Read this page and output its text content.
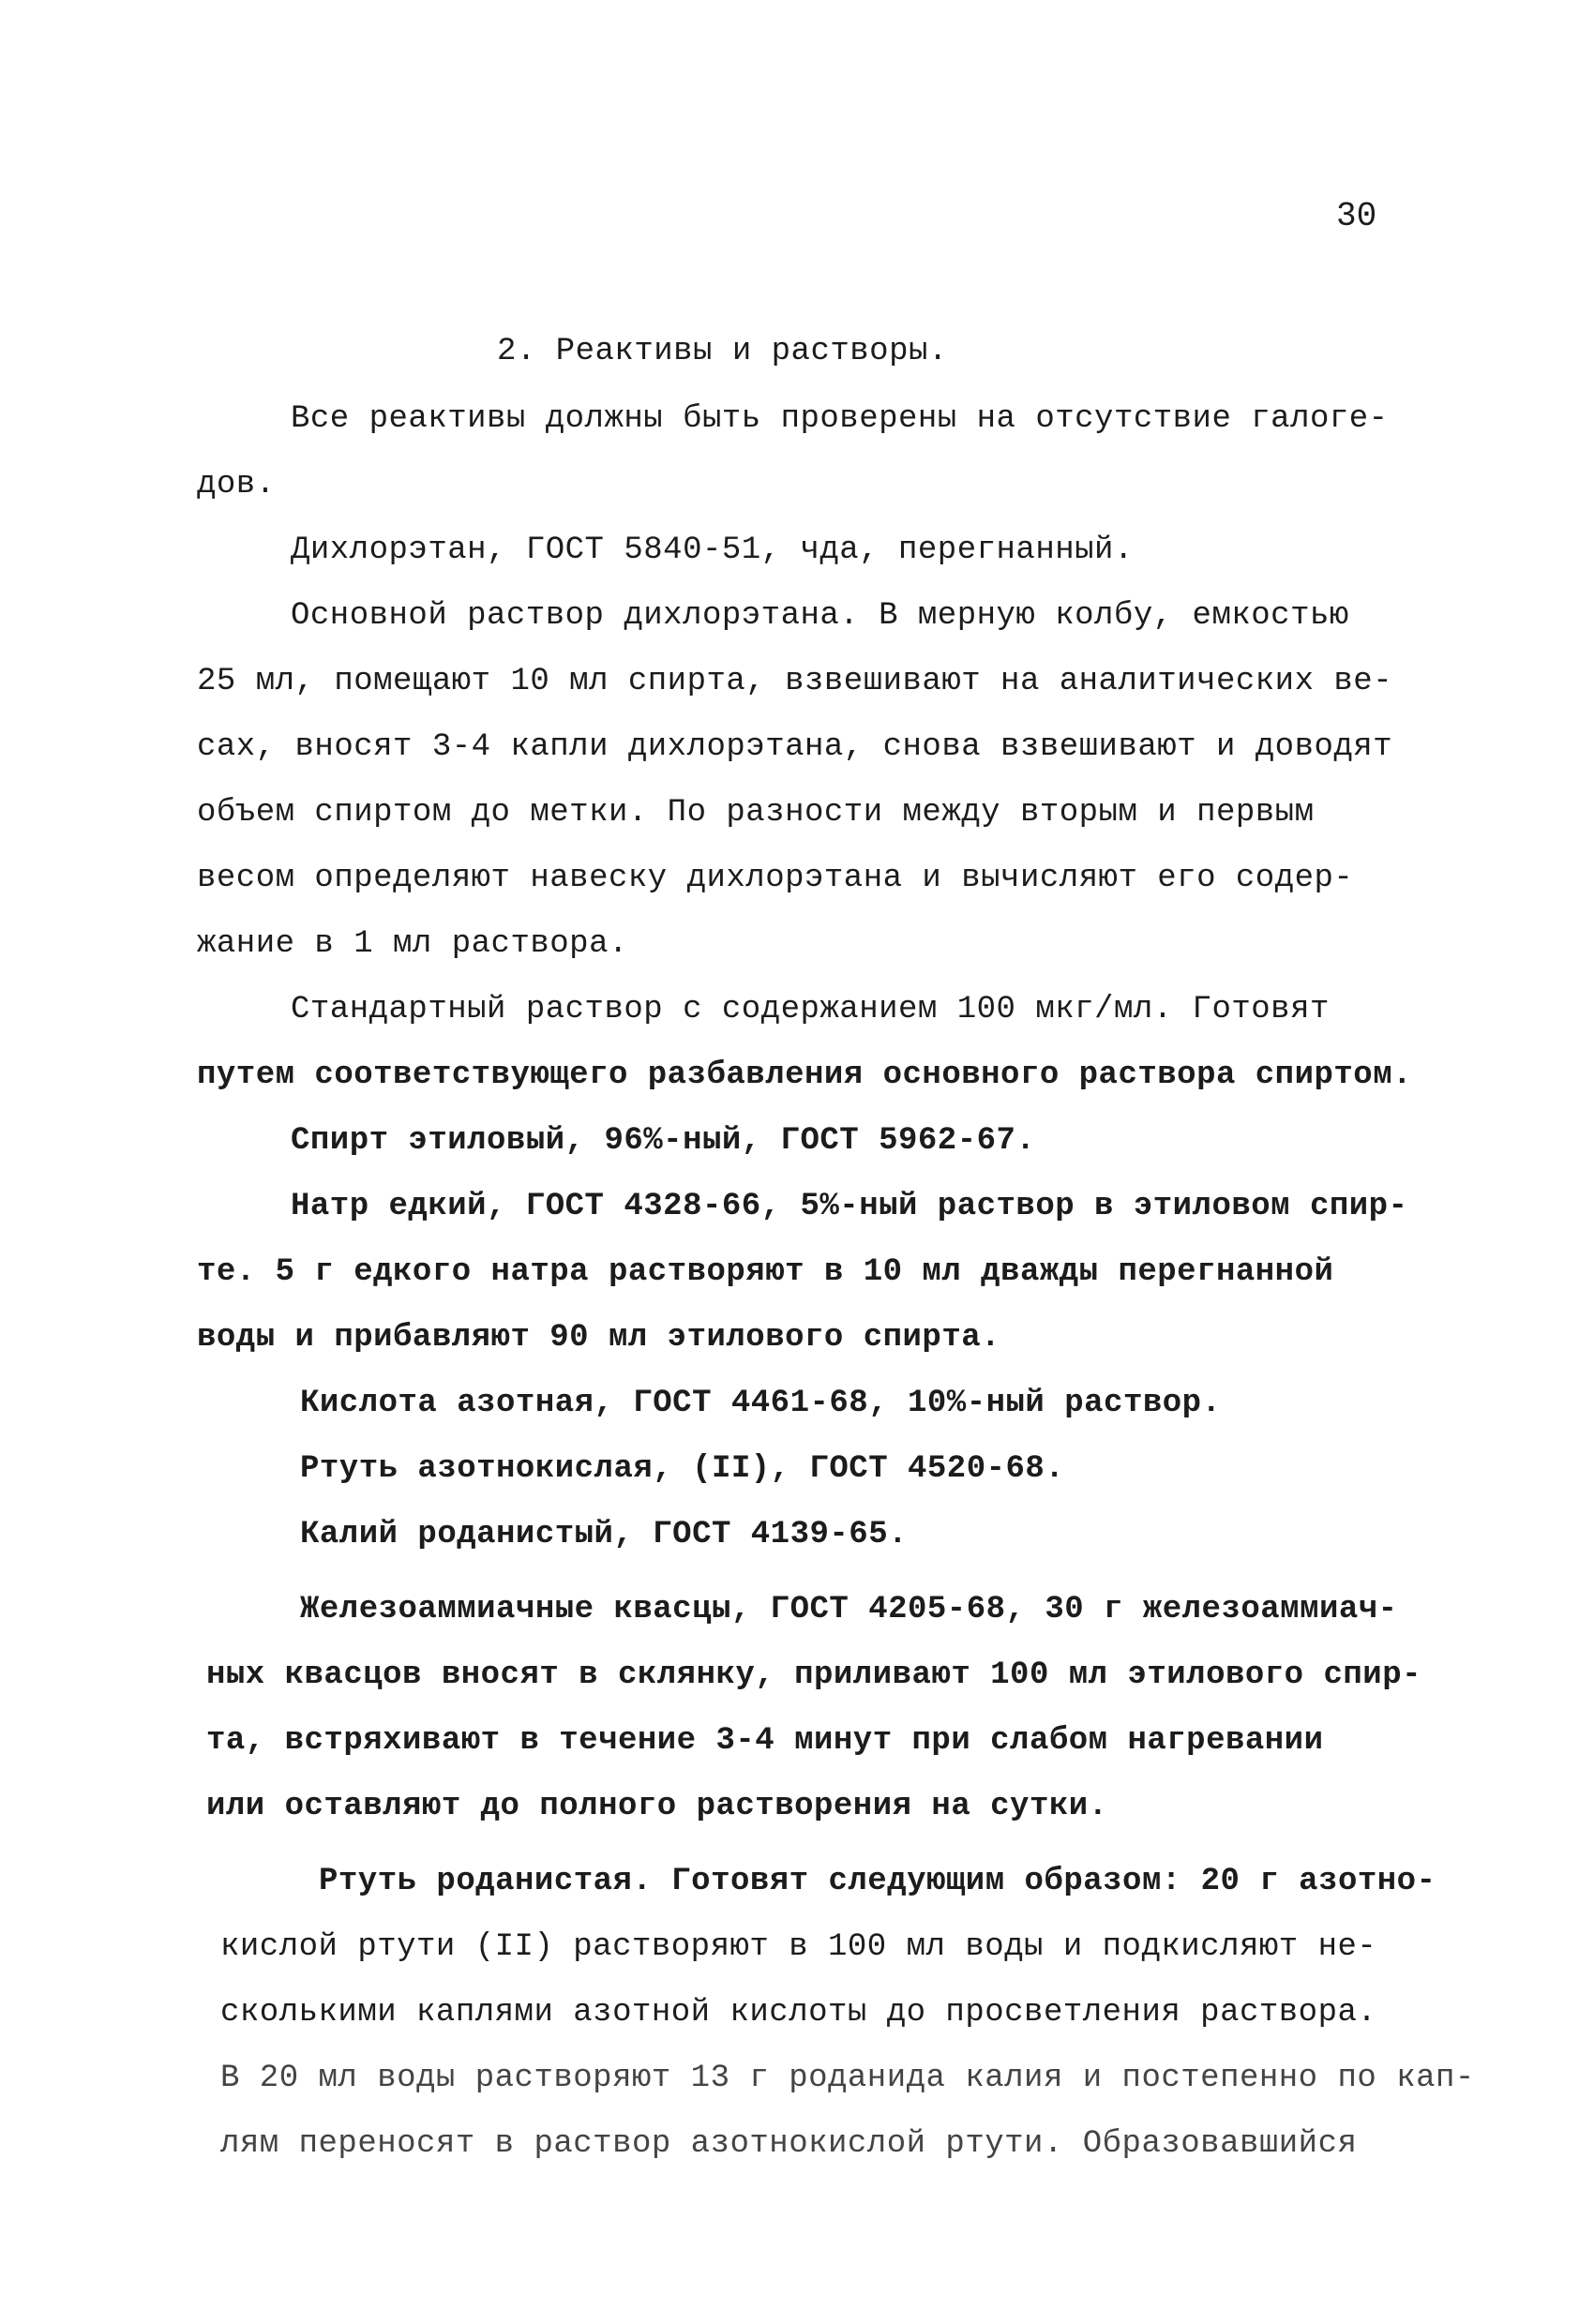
30
2. Реактивы и растворы.
Все реактивы должны быть проверены на отсутствие галоге-
дов.
Дихлорэтан, ГОСТ 5840-51, чда, перегнанный.
Основной раствор дихлорэтана. В мерную колбу, емкостью
25 мл, помещают 10 мл спирта, взвешивают на аналитических ве-
сах, вносят 3-4 капли дихлорэтана, снова взвешивают и доводят
объем спиртом до метки. По разности между вторым и первым
весом определяют навеску дихлорэтана и вычисляют его содер-
жание в 1 мл раствора.
Стандартный раствор с содержанием 100 мкг/мл. Готовят
путем соответствующего разбавления основного раствора спиртом.
Спирт этиловый, 96%-ный, ГОСТ 5962-67.
Натр едкий, ГОСТ 4328-66, 5%-ный раствор в этиловом спир-
те. 5 г едкого натра растворяют в 10 мл дважды перегнанной
воды и прибавляют 90 мл этилового спирта.
Кислота азотная, ГОСТ 4461-68, 10%-ный раствор.
Ртуть азотнокислая, (II), ГОСТ 4520-68.
Калий роданистый, ГОСТ 4139-65.
Железоаммиачные квасцы, ГОСТ 4205-68, 30 г железоаммиач-
ных квасцов вносят в склянку, приливают 100 мл этилового спир-
та, встряхивают в течение 3-4 минут при слабом нагревании
или оставляют до полного растворения на сутки.
Ртуть роданистая. Готовят следующим образом: 20 г азотно-
кислой ртути (II) растворяют в 100 мл воды и подкисляют не-
сколькими каплями азотной кислоты до просветления раствора.
В 20 мл воды растворяют 13 г роданида калия и постепенно по кап-
лям переносят в раствор азотнокислой ртути. Образовавшийся
